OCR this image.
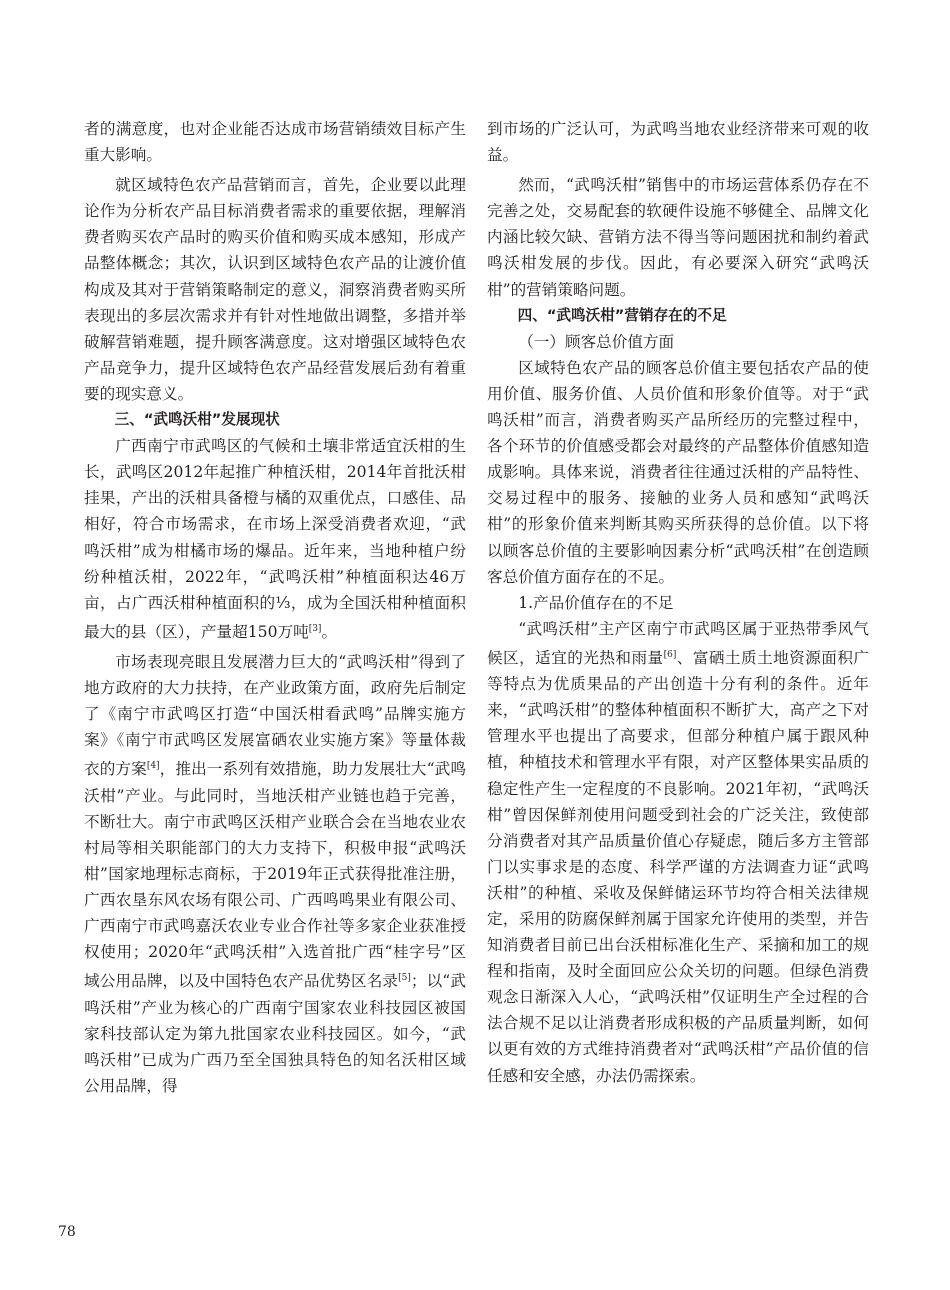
者的满意度，也对企业能否达成市场营销绩效目标产生重大影响。

就区域特色农产品营销而言，首先，企业要以此理论作为分析农产品目标消费者需求的重要依据，理解消费者购买农产品时的购买价值和购买成本感知，形成产品整体概念；其次，认识到区域特色农产品的让渡价值构成及其对于营销策略制定的意义，洞察消费者购买所表现出的多层次需求并有针对性地做出调整，多措并举破解营销难题，提升顾客满意度。这对增强区域特色农产品竞争力，提升区域特色农产品经营发展后劲有着重要的现实意义。

三、“武鸣沃柑”发展现状

广西南宁市武鸣区的气候和土壤非常适宜沃柑的生长，武鸣区2012年起推广种植沃柑，2014年首批沃柑挂果，产出的沃柑具备橙与橘的双重优点，口感佳、品相好，符合市场需求，在市场上深受消费者欢迎，“武鸣沃柑”成为柑橘市场的爆品。近年来，当地种植户纷纷种植沃柑，2022年，“武鸣沃柑”种植面积达46万亩，占广西沃柑种植面积的⅓，成为全国沃柑种植面积最大的县（区），产量超150万吨[3]。

市场表现亮眼且发展潜力巨大的“武鸣沃柑”得到了地方政府的大力扶持，在产业政策方面，政府先后制定了《南宁市武鸣区打造“中国沃柑看武鸣”品牌实施方案》《南宁市武鸣区发展富硒农业实施方案》等量体裁衣的方案[4]，推出一系列有效措施，助力发展壮大“武鸣沃柑”产业。与此同时，当地沃柑产业链也趋于完善，不断壮大。南宁市武鸣区沃柑产业联合会在当地农业农村局等相关职能部门的大力支持下，积极申报“武鸣沃柑”国家地理标志商标，于2019年正式获得批准注册，广西农垦东风农场有限公司、广西鸣鸣果业有限公司、广西南宁市武鸣嘉沃农业专业合作社等多家企业获准授权使用；2020年“武鸣沃柑”入选首批广西“桂字号”区域公用品牌，以及中国特色农产品优势区名录[5]；以“武鸣沃柑”产业为核心的广西南宁国家农业科技园区被国家科技部认定为第九批国家农业科技园区。如今，“武鸣沃柑”已成为广西乃至全国独具特色的知名沃柑区域公用品牌，得

到市场的广泛认可，为武鸣当地农业经济带来可观的收益。

然而，“武鸣沃柑”销售中的市场运营体系仍存在不完善之处，交易配套的软硬件设施不够健全、品牌文化内涵比较欠缺、营销方法不得当等问题困扰和制约着武鸣沃柑发展的步伐。因此，有必要深入研究“武鸣沃柑”的营销策略问题。

四、“武鸣沃柑”营销存在的不足
（一）顾客总价值方面

区域特色农产品的顾客总价值主要包括农产品的使用价值、服务价值、人员价值和形象价值等。对于“武鸣沃柑”而言，消费者购买产品所经历的完整过程中，各个环节的价值感受都会对最终的产品整体价值感知造成影响。具体来说，消费者往往通过沃柑的产品特性、交易过程中的服务、接触的业务人员和感知“武鸣沃柑”的形象价值来判断其购买所获得的总价值。以下将以顾客总价值的主要影响因素分析“武鸣沃柑”在创造顾客总价值方面存在的不足。

1.产品价值存在的不足

“武鸣沃柑”主产区南宁市武鸣区属于亚热带季风气候区，适宜的光热和雨量[6]、富硒土质土地资源面积广等特点为优质果品的产出创造十分有利的条件。近年来，“武鸣沃柑”的整体种植面积不断扩大，高产之下对管理水平也提出了高要求，但部分种植户属于跟风种植，种植技术和管理水平有限，对产区整体果实品质的稳定性产生一定程度的不良影响。2021年初，“武鸣沃柑”曾因保鲜剂使用问题受到社会的广泛关注，致使部分消费者对其产品质量价值心存疑虑，随后多方主管部门以实事求是的态度、科学严谨的方法调查力证“武鸣沃柑”的种植、采收及保鲜储运环节均符合相关法律规定，采用的防腐保鲜剂属于国家允许使用的类型，并告知消费者目前已出台沃柑标准化生产、采摘和加工的规程和指南，及时全面回应公众关切的问题。但绿色消费观念日渐深入人心，“武鸣沃柑”仅证明生产全过程的合法合规不足以让消费者形成积极的产品质量判断，如何以更有效的方式维持消费者对“武鸣沃柑”产品价值的信任感和安全感，办法仍需探索。

78
